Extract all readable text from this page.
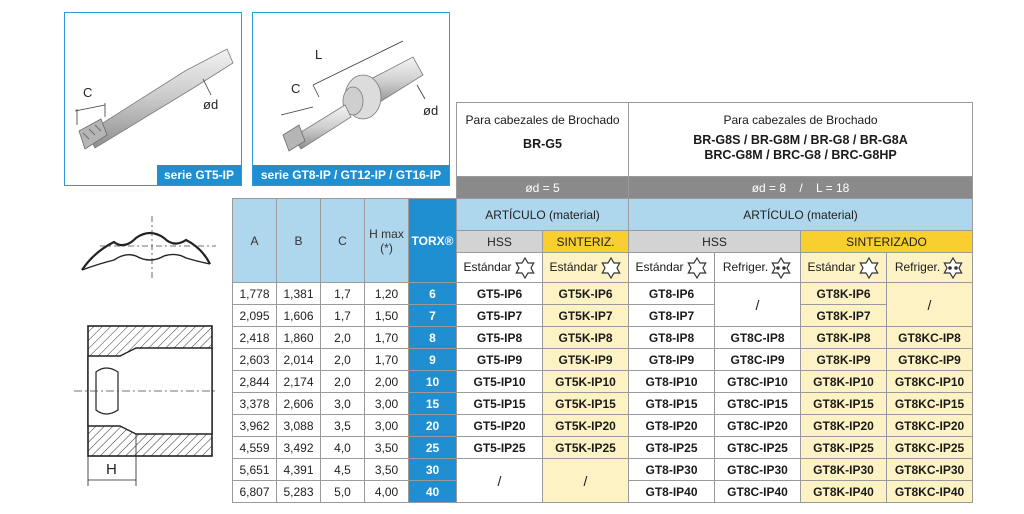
C
ød
serie GT5-IP
L
C
ød
serie GT8-IP / GT12-IP / GT16-IP
H

					Para cabezales de Brochado
BR-G5		Para cabezales de Brochado
BR-G8S / BR-G8M / BR-G8 / BR-G8A
BRC-G8M / BRC-G8 / BRC-G8HP			

					ød = 5		ød = 8    /    L = 18			
A	B	C	H max
(*)	TORX®	ARTÍCULO (material)		ARTÍCULO (material)			
					HSS	SINTERIZ.	HSS		SINTERIZADO	
					Estándar	Estándar	Estándar	Refriger.	Estándar	Refriger.
1,778	1,381	1,7	1,20	6	GT5-IP6	GT5K-IP6	GT8-IP6	/	GT8K-IP6	/
2,095	1,606	1,7	1,50	7	GT5-IP7	GT5K-IP7	GT8-IP7		GT8K-IP7	
2,418	1,860	2,0	1,70	8	GT5-IP8	GT5K-IP8	GT8-IP8	GT8C-IP8	GT8K-IP8	GT8KC-IP8
2,603	2,014	2,0	1,70	9	GT5-IP9	GT5K-IP9	GT8-IP9	GT8C-IP9	GT8K-IP9	GT8KC-IP9
2,844	2,174	2,0	2,00	10	GT5-IP10	GT5K-IP10	GT8-IP10	GT8C-IP10	GT8K-IP10	GT8KC-IP10
3,378	2,606	3,0	3,00	15	GT5-IP15	GT5K-IP15	GT8-IP15	GT8C-IP15	GT8K-IP15	GT8KC-IP15
3,962	3,088	3,5	3,00	20	GT5-IP20	GT5K-IP20	GT8-IP20	GT8C-IP20	GT8K-IP20	GT8KC-IP20
4,559	3,492	4,0	3,50	25	GT5-IP25	GT5K-IP25	GT8-IP25	GT8C-IP25	GT8K-IP25	GT8KC-IP25
5,651	4,391	4,5	3,50	30	/	/	GT8-IP30	GT8C-IP30	GT8K-IP30	GT8KC-IP30
6,807	5,283	5,0	4,00	40			GT8-IP40	GT8C-IP40	GT8K-IP40	GT8KC-IP40
